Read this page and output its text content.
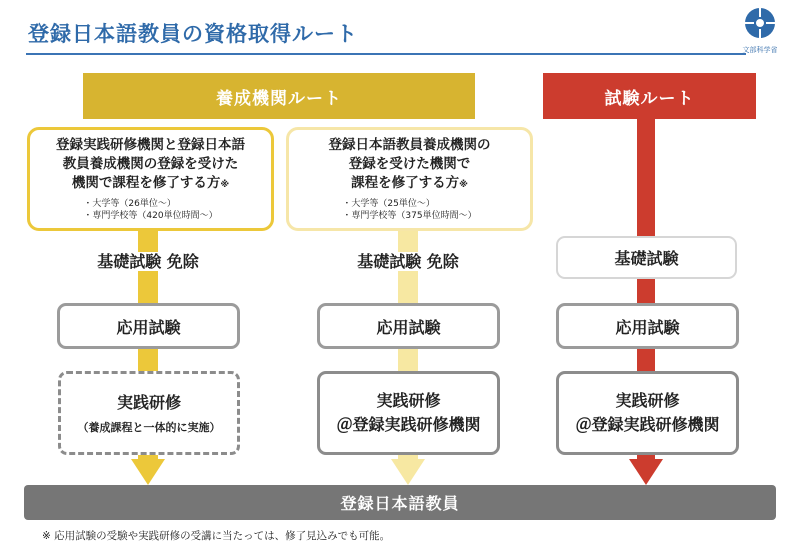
登録日本語教員の資格取得ルート
文部科学省
養成機関ルート	試験ルート
登録実践研修機関と登録日本語
教員養成機関の登録を受けた
機関で課程を修了する方※
・大学等（26単位～）
・専門学校等（420単位時間～）
基礎試験 免除
応用試験
実践研修
（養成課程と一体的に実施）
登録日本語教員養成機関の
登録を受けた機関で
課程を修了する方※
・大学等（25単位～）
・専門学校等（375単位時間～）
基礎試験 免除
応用試験
実践研修
＠登録実践研修機関
基礎試験
応用試験
実践研修
＠登録実践研修機関
登録日本語教員
※ 応用試験の受験や実践研修の受講に当たっては、修了見込みでも可能。
